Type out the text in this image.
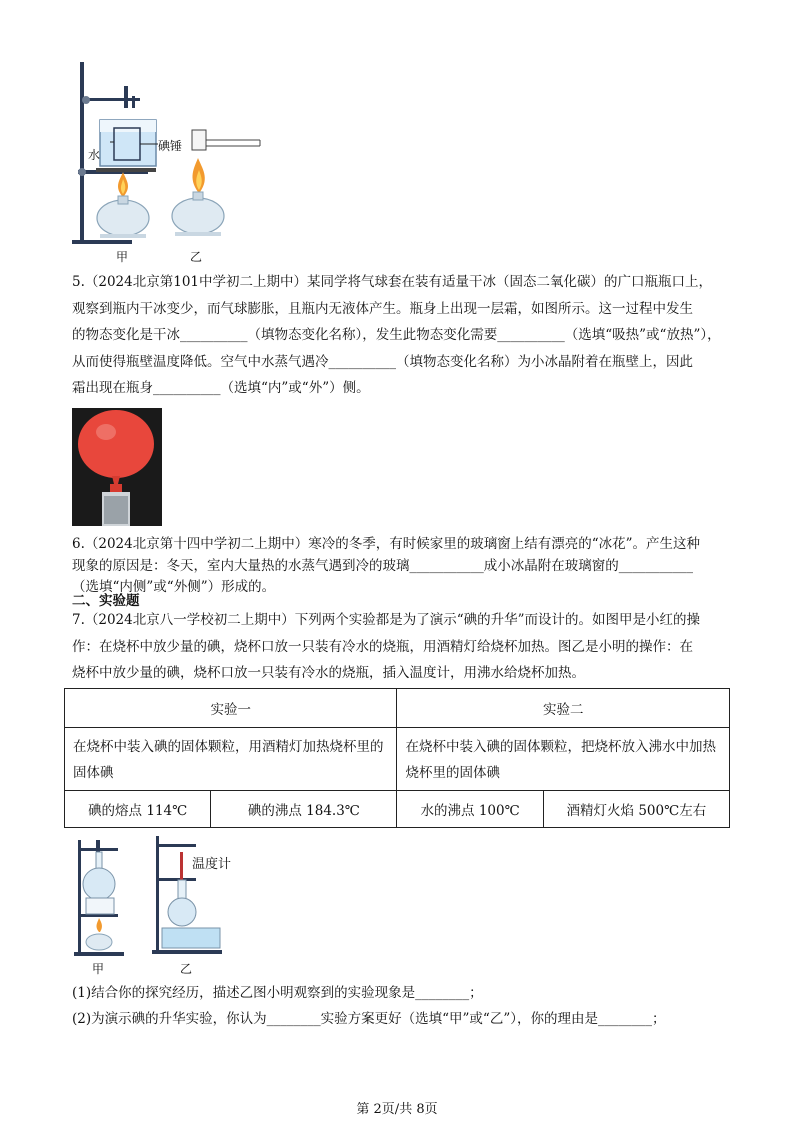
水
碘锤
甲	乙
5.（2024北京第101中学初二上期中）某同学将气球套在装有适量干冰（固态二氧化碳）的广口瓶瓶口上，
观察到瓶内干冰变少，而气球膨胀，且瓶内无液体产生。瓶身上出现一层霜，如图所示。这一过程中发生
的物态变化是干冰__________（填物态变化名称），发生此物态变化需要__________（选填“吸热”或“放热”），
从而使得瓶壁温度降低。空气中水蒸气遇冷__________（填物态变化名称）为小冰晶附着在瓶壁上，因此
霜出现在瓶身__________（选填“内”或“外”）侧。
6.（2024北京第十四中学初二上期中）寒冷的冬季，有时候家里的玻璃窗上结有漂亮的“冰花”。产生这种
现象的原因是：冬天，室内大量热的水蒸气遇到冷的玻璃___________成小冰晶附在玻璃窗的___________
（选填“内侧”或“外侧”）形成的。
二、实验题
7.（2024北京八一学校初二上期中）下列两个实验都是为了演示“碘的升华”而设计的。如图甲是小红的操
作：在烧杯中放少量的碘，烧杯口放一只装有冷水的烧瓶，用酒精灯给烧杯加热。图乙是小明的操作：在
烧杯中放少量的碘，烧杯口放一只装有冷水的烧瓶，插入温度计，用沸水给烧杯加热。
实验一		实验二	
在烧杯中装入碘的固体颗粒，用酒精灯加热烧杯里的固体碘		在烧杯中装入碘的固体颗粒，把烧杯放入沸水中加热烧杯里的固体碘	
碘的熔点 114℃	碘的沸点 184.3℃	水的沸点 100℃	酒精灯火焰 500℃左右
温度计
甲	乙
(1)结合你的探究经历，描述乙图小明观察到的实验现象是________；
(2)为演示碘的升华实验，你认为________实验方案更好（选填“甲”或“乙”），你的理由是________；
第 2页/共 8页
